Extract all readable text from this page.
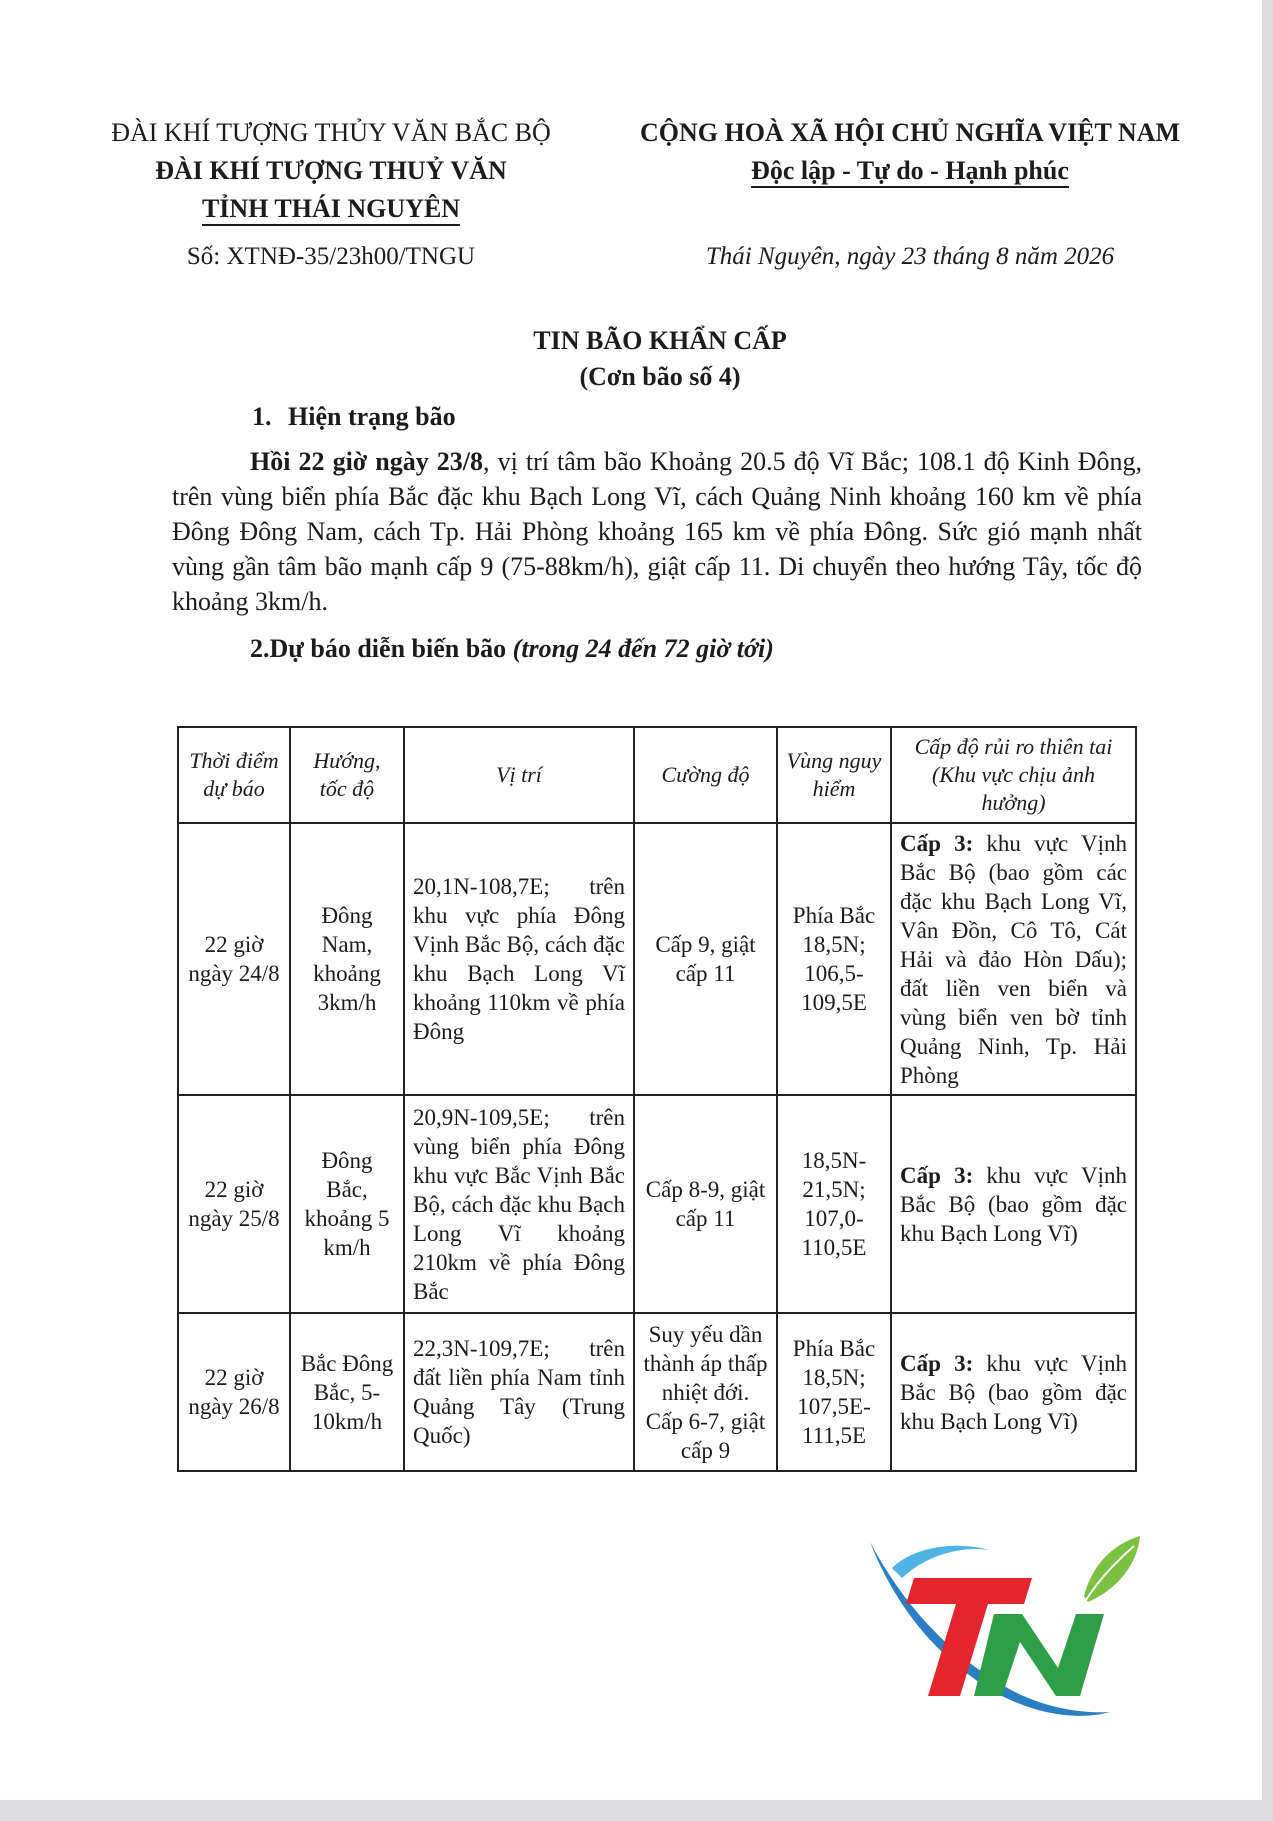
ĐÀI KHÍ TƯỢNG THỦY VĂN BẮC BỘ
ĐÀI KHÍ TƯỢNG THUỶ VĂN
TỈNH THÁI NGUYÊN
Số: XTNĐ-35/23h00/TNGU
CỘNG HOÀ XÃ HỘI CHỦ NGHĨA VIỆT NAM
Độc lập - Tự do - Hạnh phúc
Thái Nguyên, ngày 23 tháng 8 năm 2026
TIN BÃO KHẨN CẤP
(Cơn bão số 4)
1. Hiện trạng bão
Hồi 22 giờ ngày 23/8, vị trí tâm bão Khoảng 20.5 độ Vĩ Bắc; 108.1 độ Kinh Đông, trên vùng biển phía Bắc đặc khu Bạch Long Vĩ, cách Quảng Ninh khoảng 160 km về phía Đông Đông Nam, cách Tp. Hải Phòng khoảng 165 km về phía Đông. Sức gió mạnh nhất vùng gần tâm bão mạnh cấp 9 (75-88km/h), giật cấp 11. Di chuyển theo hướng Tây, tốc độ khoảng 3km/h.
2.Dự báo diễn biến bão (trong 24 đến 72 giờ tới)
Thời điểm dự báo	Hướng, tốc độ	Vị trí	Cường độ	Vùng nguy hiểm	Cấp độ rủi ro thiên tai (Khu vực chịu ảnh hưởng)
22 giờ ngày 24/8	Đông Nam, khoảng 3km/h	20,1N-108,7E; trên khu vực phía Đông Vịnh Bắc Bộ, cách đặc khu Bạch Long Vĩ khoảng 110km về phía Đông	Cấp 9, giật cấp 11	Phía Bắc 18,5N; 106,5-109,5E	Cấp 3: khu vực Vịnh Bắc Bộ (bao gồm các đặc khu Bạch Long Vĩ, Vân Đồn, Cô Tô, Cát Hải và đảo Hòn Dấu); đất liền ven biển và vùng biển ven bờ tỉnh Quảng Ninh, Tp. Hải Phòng
22 giờ ngày 25/8	Đông Bắc, khoảng 5 km/h	20,9N-109,5E; trên vùng biển phía Đông khu vực Bắc Vịnh Bắc Bộ, cách đặc khu Bạch Long Vĩ khoảng 210km về phía Đông Bắc	Cấp 8-9, giật cấp 11	18,5N-21,5N; 107,0-110,5E	Cấp 3: khu vực Vịnh Bắc Bộ (bao gồm đặc khu Bạch Long Vĩ)
22 giờ ngày 26/8	Bắc Đông Bắc, 5-10km/h	22,3N-109,7E; trên đất liền phía Nam tỉnh Quảng Tây (Trung Quốc)	Suy yếu dần thành áp thấp nhiệt đới. Cấp 6-7, giật cấp 9	Phía Bắc 18,5N; 107,5E-111,5E	Cấp 3: khu vực Vịnh Bắc Bộ (bao gồm đặc khu Bạch Long Vĩ)
